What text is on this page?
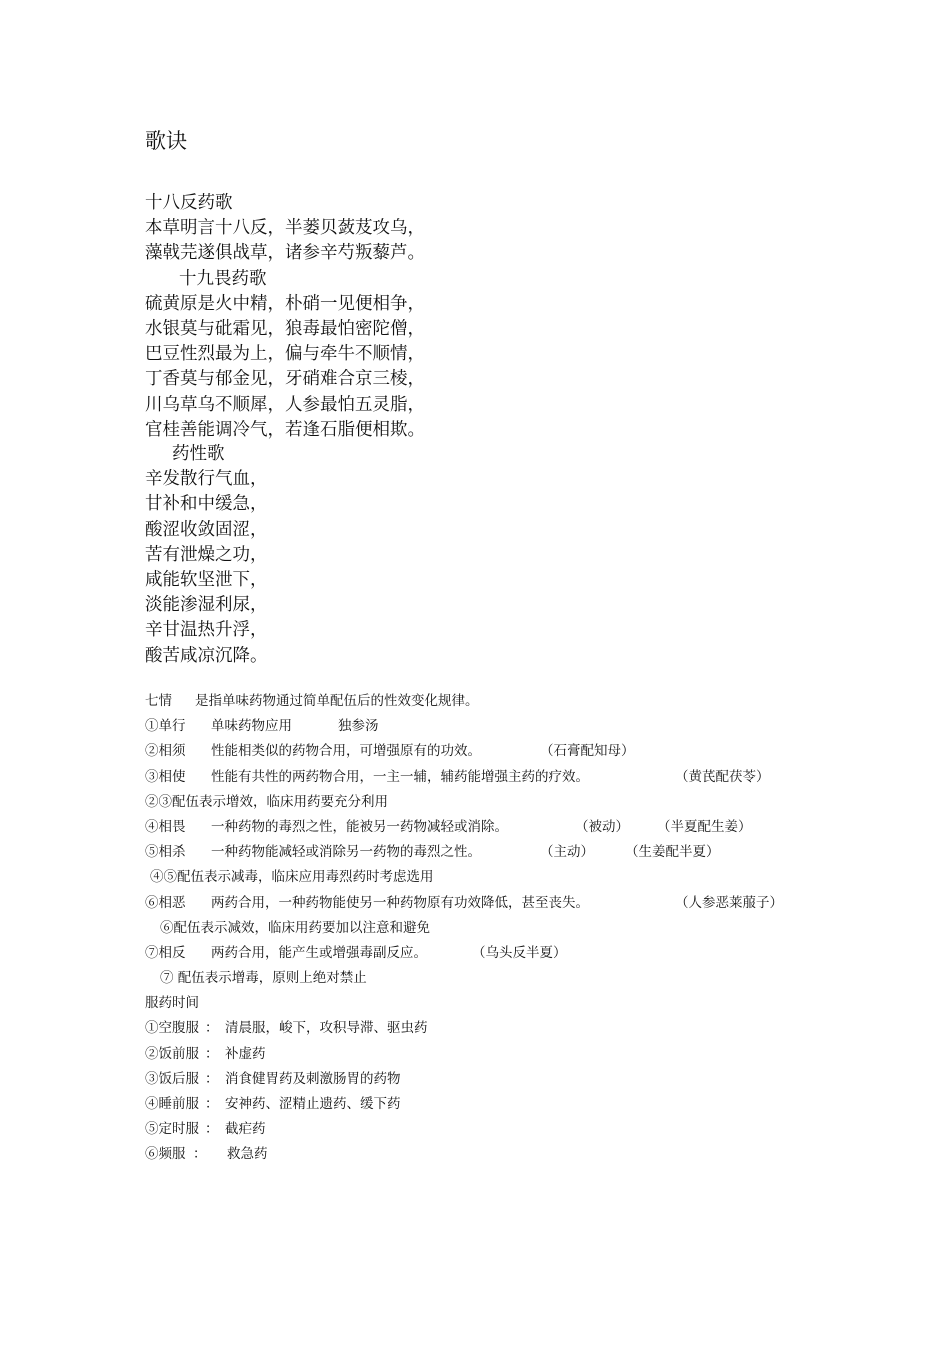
歌诀
十八反药歌
本草明言十八反，半蒌贝蔹芨攻乌，
藻戟芫遂俱战草，诸参辛芍叛藜芦。
十九畏药歌
硫黄原是火中精，朴硝一见便相争，
水银莫与砒霜见，狼毒最怕密陀僧，
巴豆性烈最为上，偏与牵牛不顺情，
丁香莫与郁金见，牙硝难合京三棱，
川乌草乌不顺犀，人参最怕五灵脂，
官桂善能调冷气，若逢石脂便相欺。
药性歌
辛发散行气血，
甘补和中缓急，
酸涩收敛固涩，
苦有泄燥之功，
咸能软坚泄下，
淡能渗湿利尿，
辛甘温热升浮，
酸苦咸凉沉降。
七情 是指单味药物通过简单配伍后的性效变化规律。
①单行 单味药物应用	独参汤
②相须 性能相类似的药物合用，可增强原有的功效。	（石膏配知母）
③相使 性能有共性的两药物合用，一主一辅，辅药能增强主药的疗效。	（黄芪配茯苓）
②③配伍表示增效，临床用药要充分利用
④相畏 一种药物的毒烈之性，能被另一药物减轻或消除。	（被动） （半夏配生姜）
⑤相杀 一种药物能减轻或消除另一药物的毒烈之性。	（主动） （生姜配半夏）
④⑤配伍表示减毒，临床应用毒烈药时考虑选用
⑥相恶 两药合用，一种药物能使另一种药物原有功效降低，甚至丧失。	（人参恶莱菔子）
⑥配伍表示减效，临床用药要加以注意和避免
⑦相反 两药合用，能产生或增强毒副反应。	（乌头反半夏）
⑦ 配伍表示增毒，原则上绝对禁止
服药时间
①空腹服 ： 清晨服，峻下，攻积导滞、驱虫药
②饭前服 ： 补虚药
③饭后服 ： 消食健胃药及刺激肠胃的药物
④睡前服 ： 安神药、涩精止遗药、缓下药
⑤定时服 ： 截疟药
⑥频服 ： 救急药
